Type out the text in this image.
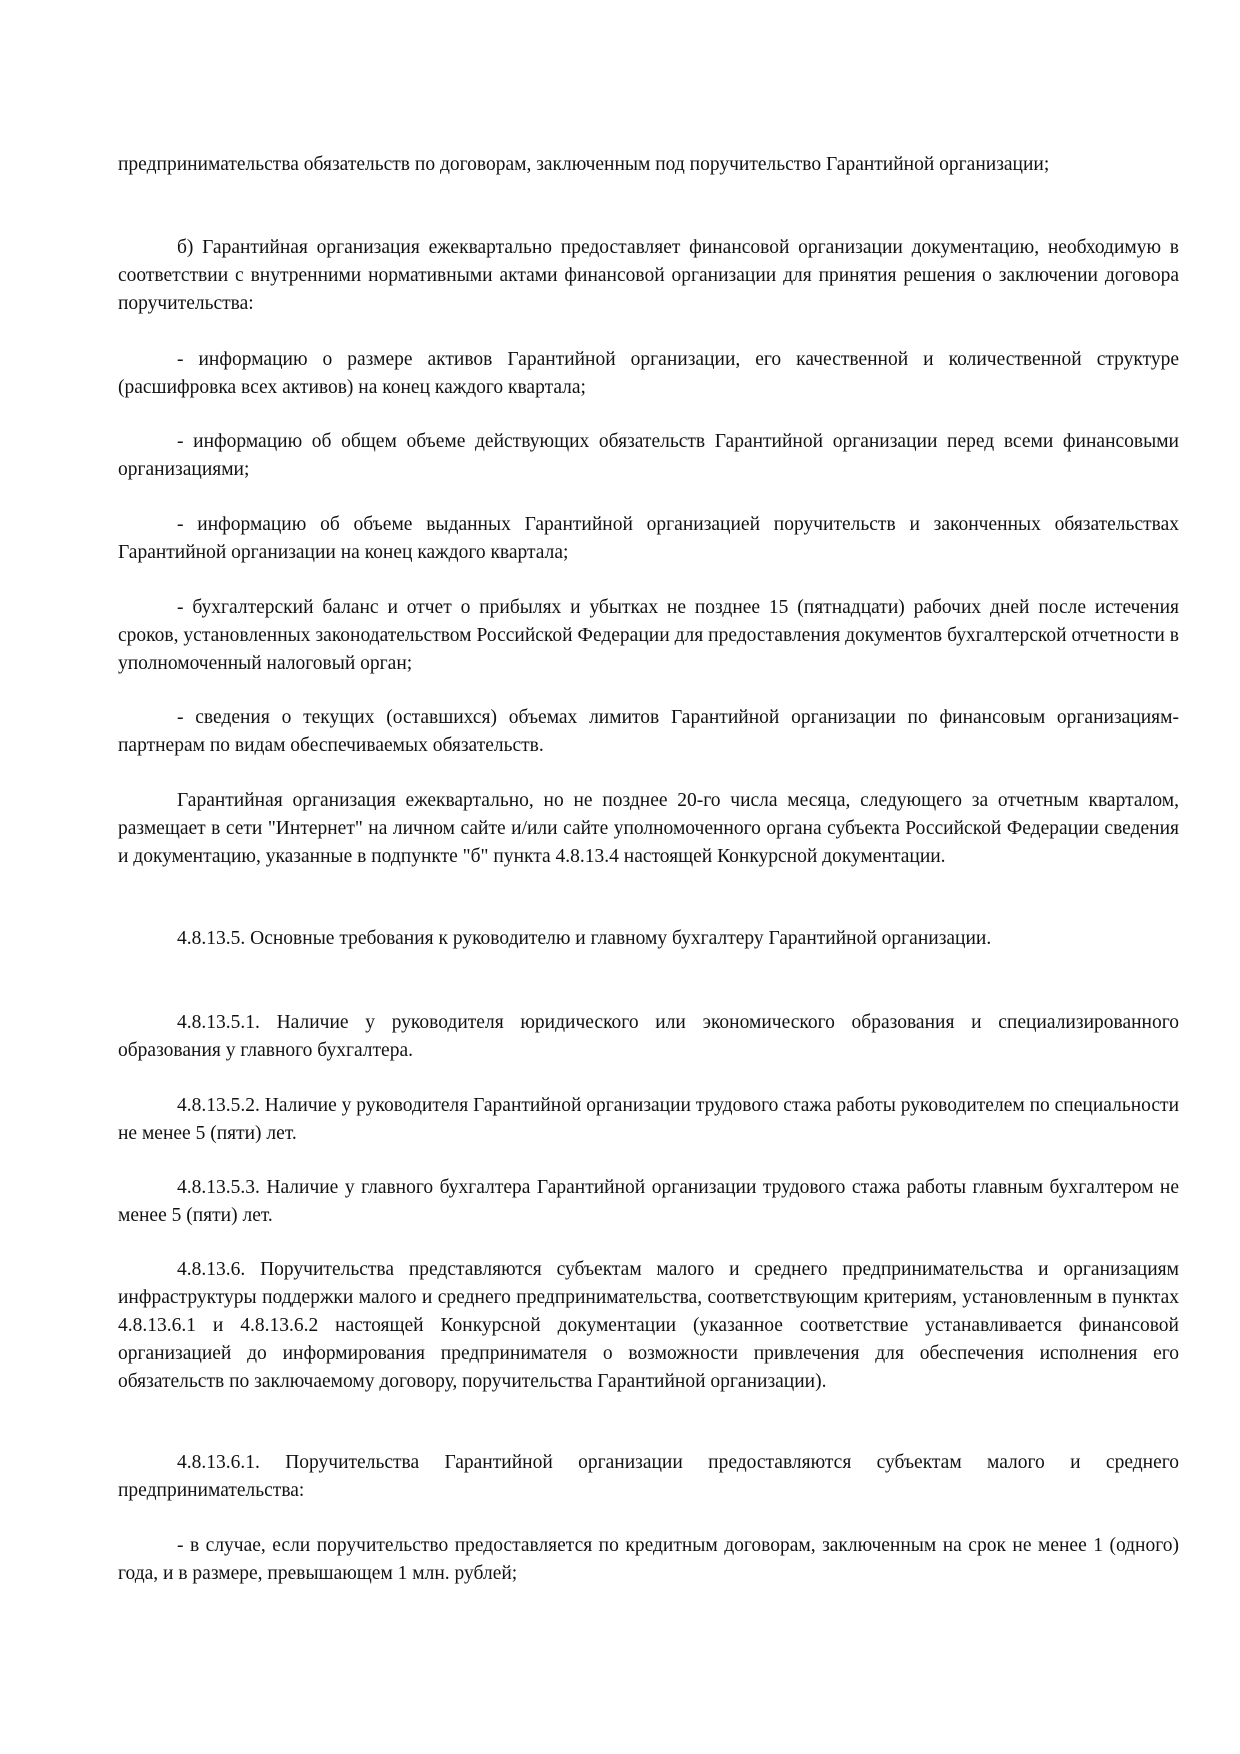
предпринимательства обязательств по договорам, заключенным под поручительство Гарантийной организации;

б) Гарантийная организация ежеквартально предоставляет финансовой организации документацию, необходимую в соответствии с внутренними нормативными актами финансовой организации для принятия решения о заключении договора поручительства:

- информацию о размере активов Гарантийной организации, его качественной и количественной структуре (расшифровка всех активов) на конец каждого квартала;

- информацию об общем объеме действующих обязательств Гарантийной организации перед всеми финансовыми организациями;

- информацию об объеме выданных Гарантийной организацией поручительств и законченных обязательствах Гарантийной организации на конец каждого квартала;

- бухгалтерский баланс и отчет о прибылях и убытках не позднее 15 (пятнадцати) рабочих дней после истечения сроков, установленных законодательством Российской Федерации для предоставления документов бухгалтерской отчетности в уполномоченный налоговый орган;

- сведения о текущих (оставшихся) объемах лимитов Гарантийной организации по финансовым организациям-партнерам по видам обеспечиваемых обязательств.

Гарантийная организация ежеквартально, но не позднее 20-го числа месяца, следующего за отчетным кварталом, размещает в сети "Интернет" на личном сайте и/или сайте уполномоченного органа субъекта Российской Федерации сведения и документацию, указанные в подпункте "б" пункта 4.8.13.4 настоящей Конкурсной документации.

4.8.13.5. Основные требования к руководителю и главному бухгалтеру Гарантийной организации.

4.8.13.5.1. Наличие у руководителя юридического или экономического образования и специализированного образования у главного бухгалтера.

4.8.13.5.2. Наличие у руководителя Гарантийной организации трудового стажа работы руководителем по специальности не менее 5 (пяти) лет.

4.8.13.5.3. Наличие у главного бухгалтера Гарантийной организации трудового стажа работы главным бухгалтером не менее 5 (пяти) лет.

4.8.13.6. Поручительства представляются субъектам малого и среднего предпринимательства и организациям инфраструктуры поддержки малого и среднего предпринимательства, соответствующим критериям, установленным в пунктах 4.8.13.6.1 и 4.8.13.6.2 настоящей Конкурсной документации (указанное соответствие устанавливается финансовой организацией до информирования предпринимателя о возможности привлечения для обеспечения исполнения его обязательств по заключаемому договору, поручительства Гарантийной организации).

4.8.13.6.1. Поручительства Гарантийной организации предоставляются субъектам малого и среднего предпринимательства:

- в случае, если поручительство предоставляется по кредитным договорам, заключенным на срок не менее 1 (одного) года, и в размере, превышающем 1 млн. рублей;
